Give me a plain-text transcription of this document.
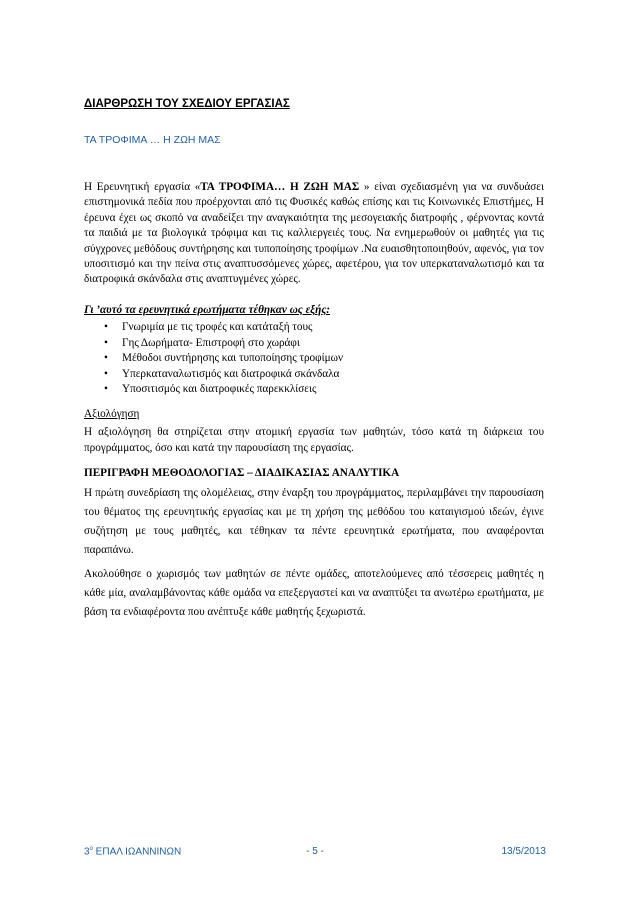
ΔΙΑΡΘΡΩΣΗ ΤΟΥ ΣΧΕΔΙΟΥ ΕΡΓΑΣΙΑΣ

ΤΑ ΤΡΟΦΙΜΑ … Η ΖΩΗ ΜΑΣ

Η Ερευνητική εργασία «ΤΑ ΤΡΟΦΙΜΑ… Η ΖΩΗ ΜΑΣ » είναι σχεδιασμένη για να συνδυάσει επιστημονικά πεδία που προέρχονται από τις Φυσικές καθώς επίσης και τις Κοινωνικές Επιστήμες, Η έρευνα έχει ως σκοπό να αναδείξει την αναγκαιότητα της μεσογειακής διατροφής , φέρνοντας κοντά τα παιδιά με τα βιολογικά τρόφιμα και τις καλλιεργειές τους. Να ενημερωθούν οι μαθητές για τις σύγχρονες μεθόδους συντήρησης και τυποποίησης τροφίμων .Να ευαισθητοποιηθούν, αφενός, για τον υποσιτισμό και την πείνα στις αναπτυσσόμενες χώρες, αφετέρου, για τον υπερκαταναλωτισμό και τα διατροφικά σκάνδαλα στις αναπτυγμένες χώρες.

Γι ’αυτό τα ερευνητικά ερωτήματα τέθηκαν ως εξής:

• Γνωριμία με τις τροφές και κατάταξή τους
• Γης Δωρήματα- Επιστροφή στο χωράφι
• Μέθοδοι συντήρησης και τυποποίησης τροφίμων
• Υπερκαταναλωτισμός και διατροφικά σκάνδαλα
• Υποσιτισμός και διατροφικές παρεκκλίσεις

Αξιολόγηση

Η αξιολόγηση θα στηρίζεται στην ατομική εργασία των μαθητών, τόσο κατά τη διάρκεια του προγράμματος, όσο και κατά την παρουσίαση της εργασίας.

ΠΕΡΙΓΡΑΦΗ ΜΕΘΟΔΟΛΟΓΙΑΣ – ΔΙΑΔΙΚΑΣΙΑΣ ΑΝΑΛΥΤΙΚΑ

Η πρώτη συνεδρίαση της ολομέλειας, στην έναρξη του προγράμματος, περιλαμβάνει την παρουσίαση του θέματος της ερευνητικής εργασίας και με τη χρήση της μεθόδου του καταιγισμού ιδεών, έγινε συζήτηση με τους μαθητές, και τέθηκαν τα πέντε ερευνητικά ερωτήματα, που αναφέρονται παραπάνω.

Ακολούθησε ο χωρισμός των μαθητών σε πέντε ομάδες, αποτελούμενες από τέσσερεις μαθητές η κάθε μία, αναλαμβάνοντας κάθε ομάδα να επεξεργαστεί και να αναπτύξει τα ανωτέρω ερωτήματα, με βάση τα ενδιαφέροντα που ανέπτυξε κάθε μαθητής ξεχωριστά.

$3^o$ ΕΠΑΛ ΙΩΑΝΝΙΝΩΝ	- 5 -	13/5/2013
